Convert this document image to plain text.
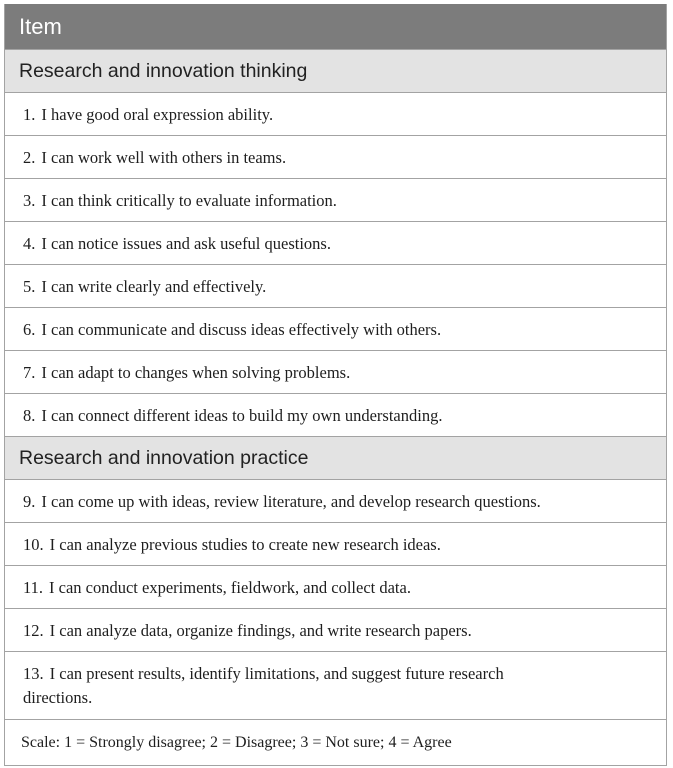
Item
Research and innovation thinking
1. I have good oral expression ability.
2. I can work well with others in teams.
3. I can think critically to evaluate information.
4. I can notice issues and ask useful questions.
5. I can write clearly and effectively.
6. I can communicate and discuss ideas effectively with others.
7. I can adapt to changes when solving problems.
8. I can connect different ideas to build my own understanding.
Research and innovation practice
9. I can come up with ideas, review literature, and develop research questions.
10. I can analyze previous studies to create new research ideas.
11. I can conduct experiments, fieldwork, and collect data.
12. I can analyze data, organize findings, and write research papers.
13. I can present results, identify limitations, and suggest future research directions.
Scale: 1 = Strongly disagree; 2 = Disagree; 3 = Not sure; 4 = Agree
